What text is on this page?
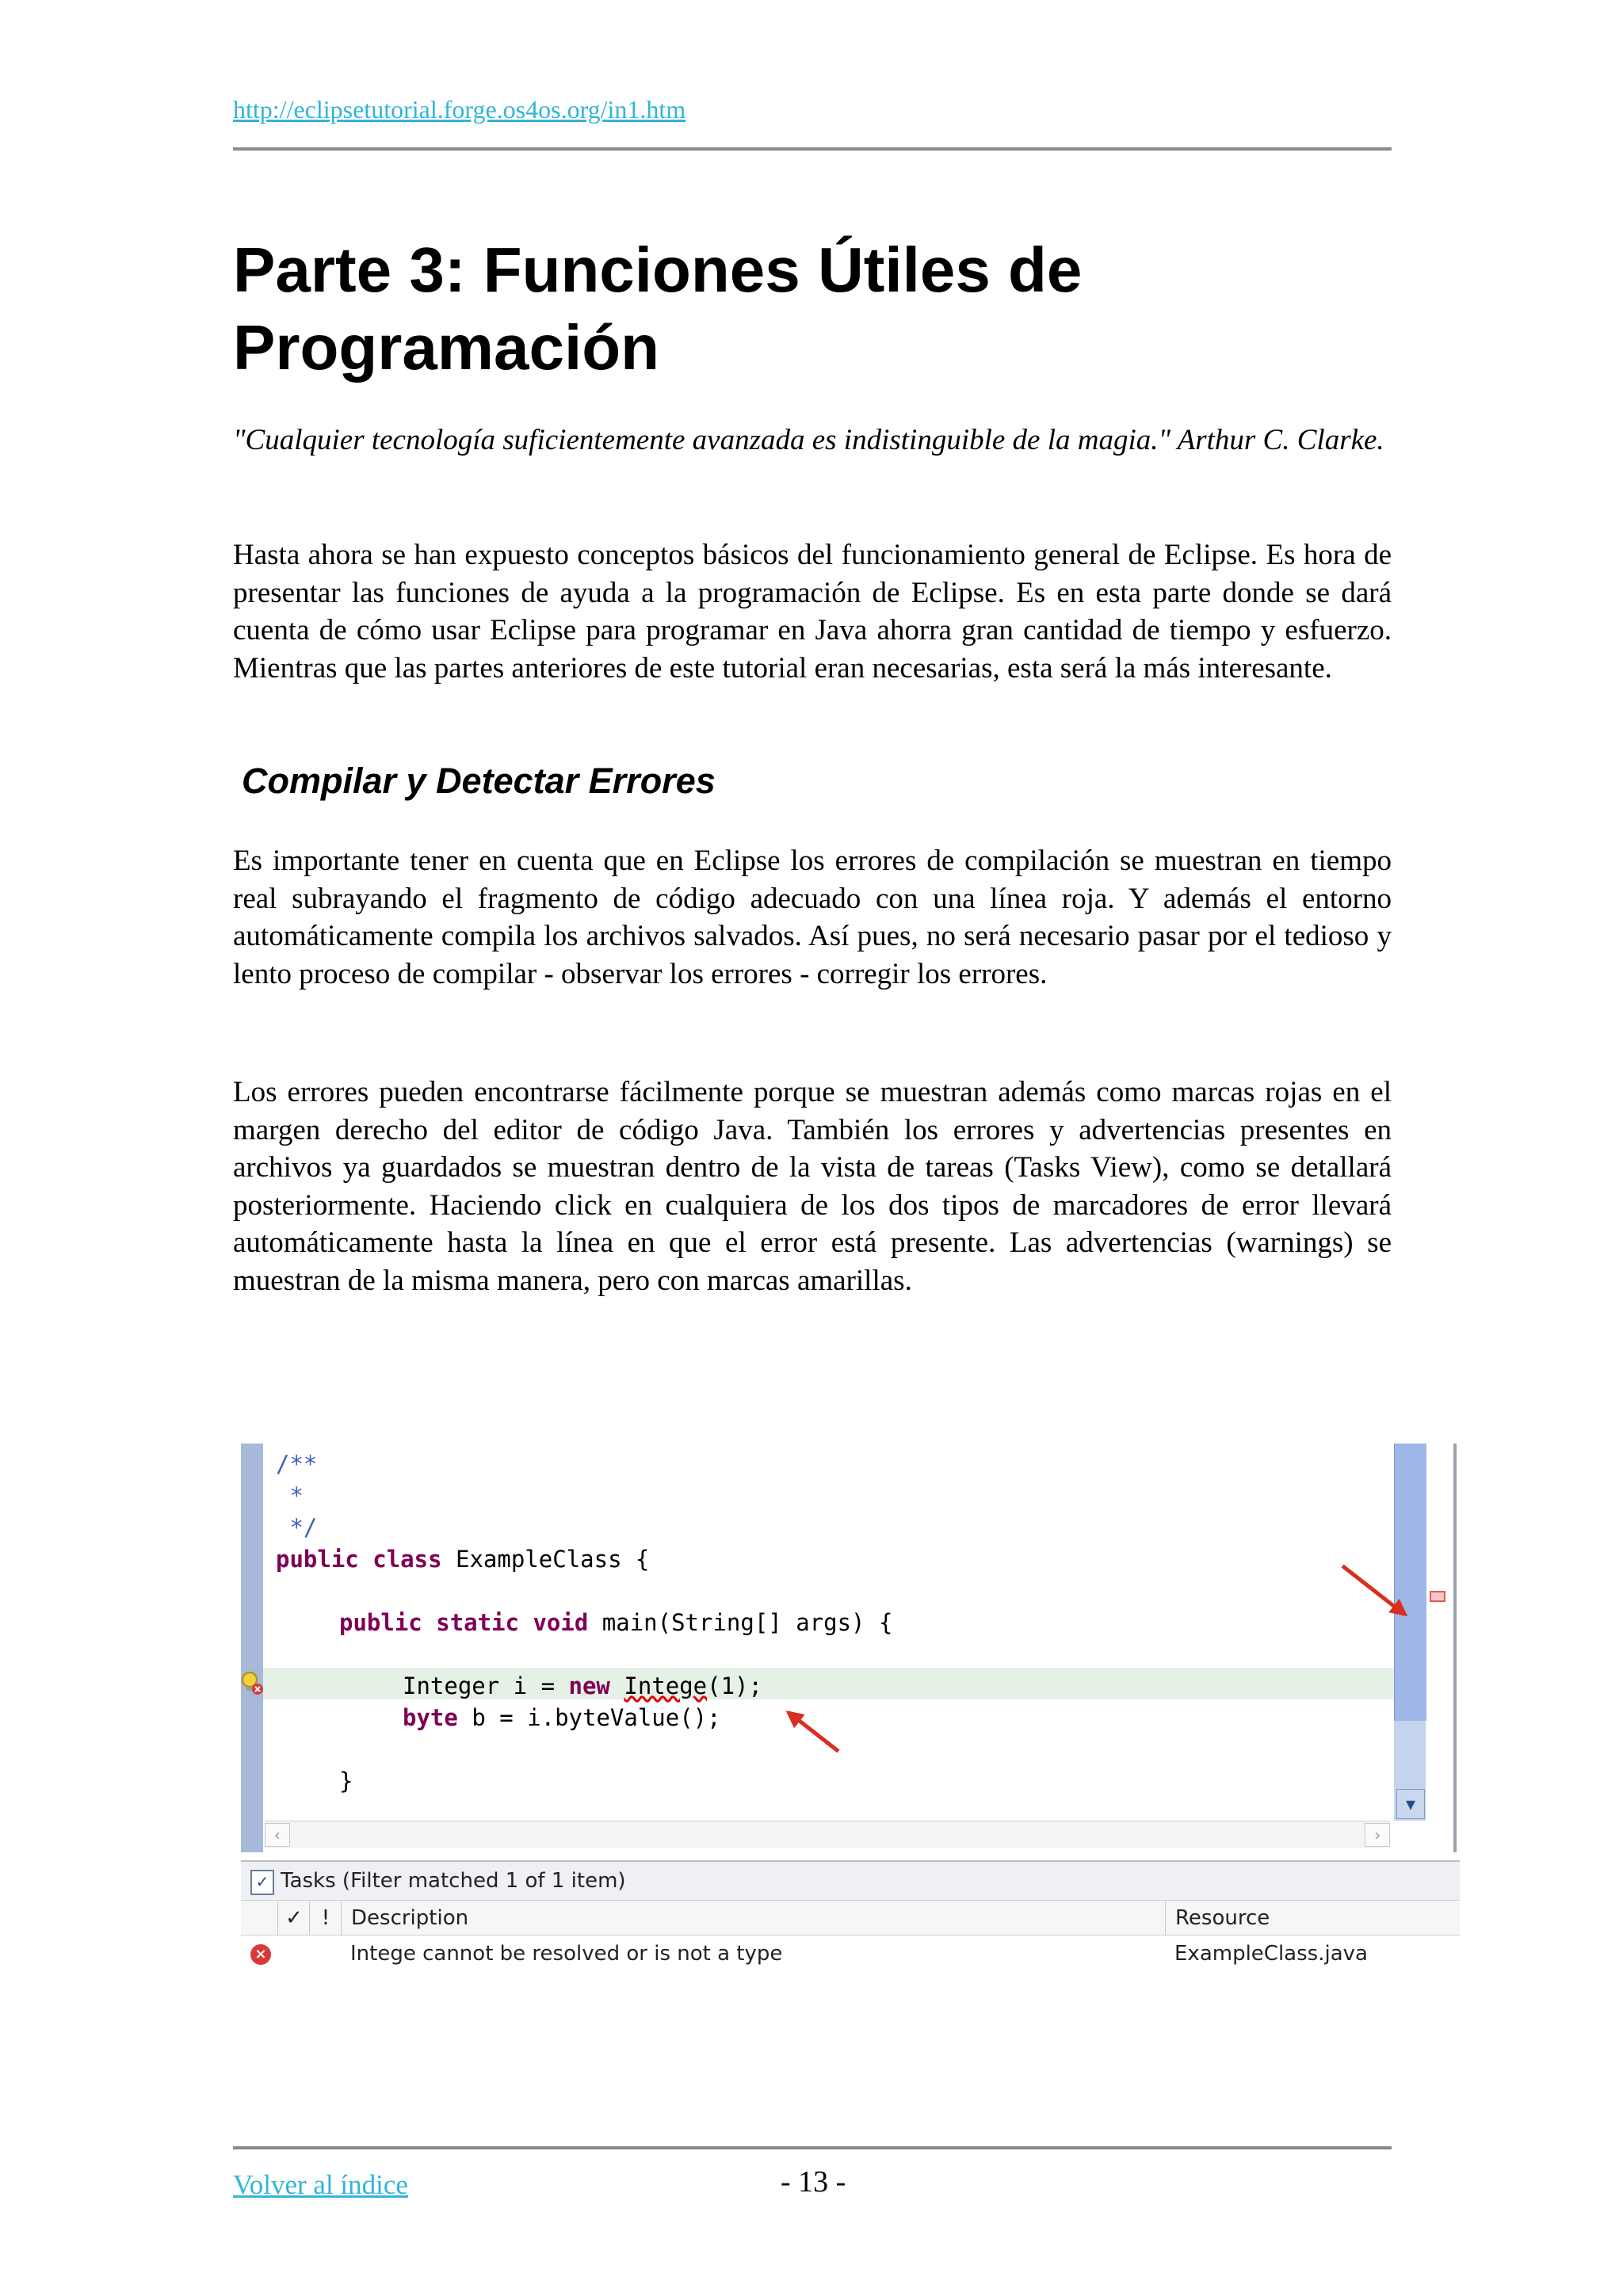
http://eclipsetutorial.forge.os4os.org/in1.htm
Parte 3: Funciones Útiles de Programación

"Cualquier tecnología suficientemente avanzada es indistinguible de la magia." Arthur C. Clarke.

Hasta ahora se han expuesto conceptos básicos del funcionamiento general de Eclipse. Es hora de presentar las funciones de ayuda a la programación de Eclipse. Es en esta parte donde se dará cuenta de cómo usar Eclipse para programar en Java ahorra gran cantidad de tiempo y esfuerzo. Mientras que las partes anteriores de este tutorial eran necesarias, esta será la más interesante.

Compilar y Detectar Errores

Es importante tener en cuenta que en Eclipse los errores de compilación se muestran en tiempo real subrayando el fragmento de código adecuado con una línea roja. Y además el entorno automáticamente compila los archivos salvados. Así pues, no será necesario pasar por el tedioso y lento proceso de compilar - observar los errores - corregir los errores.

Los errores pueden encontrarse fácilmente porque se muestran además como marcas rojas en el margen derecho del editor de código Java. También los errores y advertencias presentes en archivos ya guardados se muestran dentro de la vista de tareas (Tasks View), como se detallará posteriormente. Haciendo click en cualquiera de los dos tipos de marcadores de error llevará automáticamente hasta la línea en que el error está presente. Las advertencias (warnings) se muestran de la misma manera, pero con marcas amarillas.

/**
*
*/
public class ExampleClass {
public static void main(String[] args) {
Integer i = new Intege(1);
byte b = i.byteValue();
}
▼
‹	›
✓ Tasks (Filter matched 1 of 1 item)
✓ !	Description	Resource
×	Intege cannot be resolved or is not a type	ExampleClass.java
Volver al índice	- 13 -
